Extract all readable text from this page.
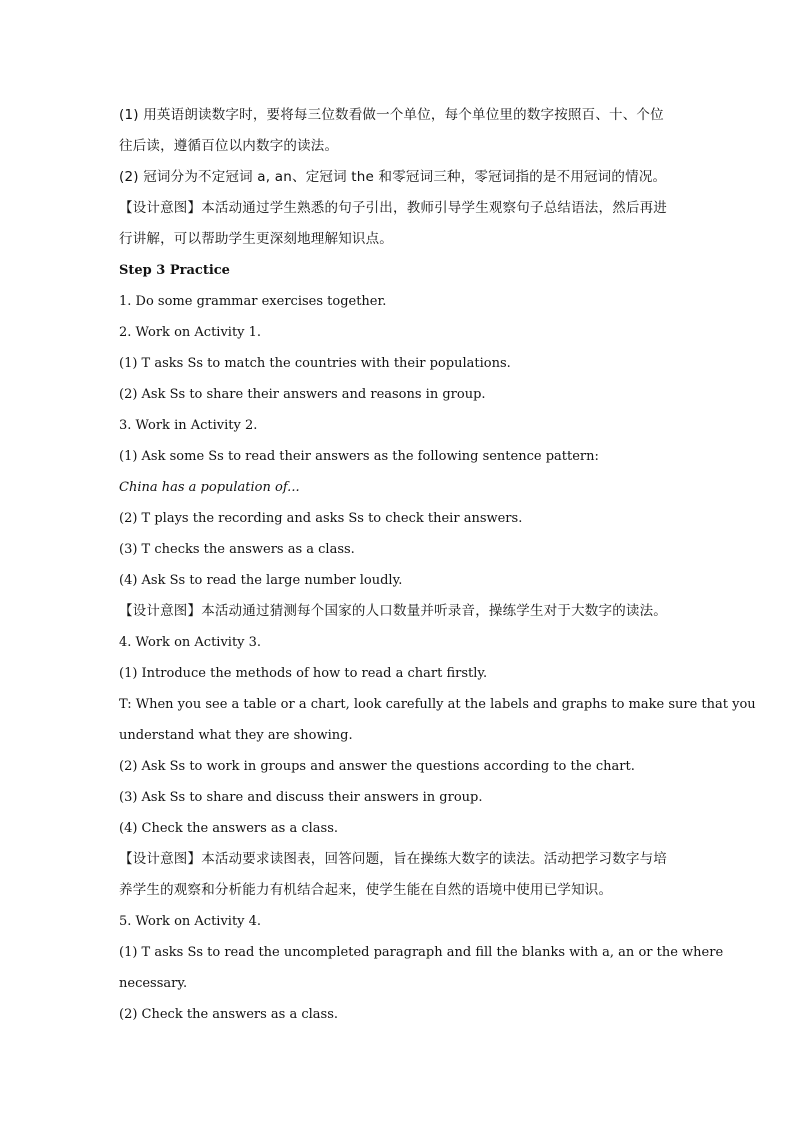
(1) 用英语朗读数字时，要将每三位数看做一个单位，每个单位里的数字按照百、十、个位
往后读，遵循百位以内数字的读法。
(2) 冠词分为不定冠词 a, an、定冠词 the 和零冠词三种，零冠词指的是不用冠词的情况。
【设计意图】本活动通过学生熟悉的句子引出，教师引导学生观察句子总结语法，然后再进
行讲解，可以帮助学生更深刻地理解知识点。
Step 3 Practice
1. Do some grammar exercises together.
2. Work on Activity 1.
(1) T asks Ss to match the countries with their populations.
(2) Ask Ss to share their answers and reasons in group.
3. Work in Activity 2.
(1) Ask some Ss to read their answers as the following sentence pattern:
China has a population of...
(2) T plays the recording and asks Ss to check their answers.
(3) T checks the answers as a class.
(4) Ask Ss to read the large number loudly.
【设计意图】本活动通过猜测每个国家的人口数量并听录音，操练学生对于大数字的读法。
4. Work on Activity 3.
(1) Introduce the methods of how to read a chart firstly.
T: When you see a table or a chart, look carefully at the labels and graphs to make sure that you
understand what they are showing.
(2) Ask Ss to work in groups and answer the questions according to the chart.
(3) Ask Ss to share and discuss their answers in group.
(4) Check the answers as a class.
【设计意图】本活动要求读图表，回答问题，旨在操练大数字的读法。活动把学习数字与培
养学生的观察和分析能力有机结合起来，使学生能在自然的语境中使用已学知识。
5. Work on Activity 4.
(1) T asks Ss to read the uncompleted paragraph and fill the blanks with a, an or the where
necessary.
(2) Check the answers as a class.
